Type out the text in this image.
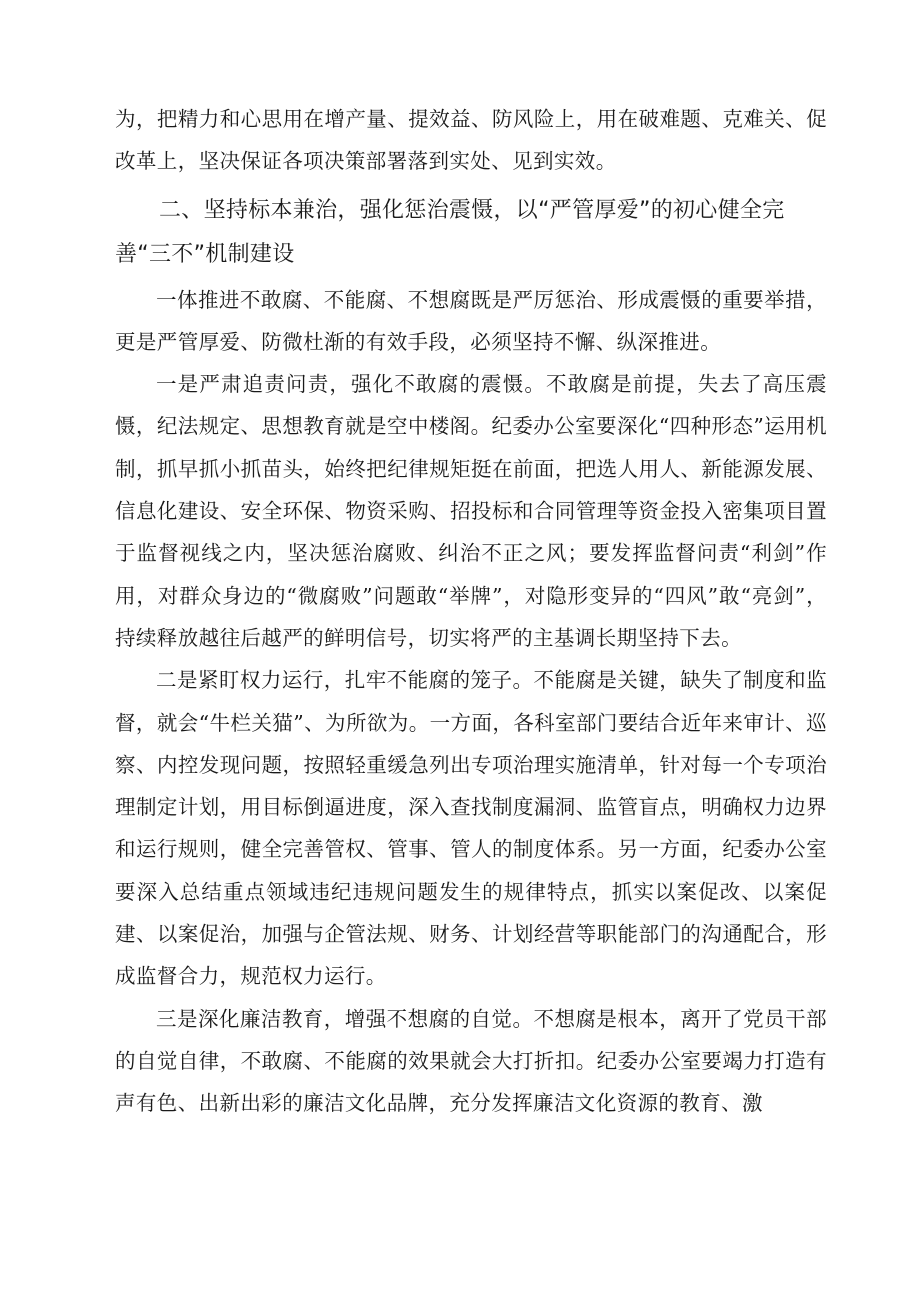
为，把精力和心思用在增产量、提效益、防风险上，用在破难题、克难关、促改革上，坚决保证各项决策部署落到实处、见到实效。

二、坚持标本兼治，强化惩治震慑，以“严管厚爱”的初心健全完善“三不”机制建设

一体推进不敢腐、不能腐、不想腐既是严厉惩治、形成震慑的重要举措，更是严管厚爱、防微杜渐的有效手段，必须坚持不懈、纵深推进。

一是严肃追责问责，强化不敢腐的震慑。不敢腐是前提，失去了高压震慑，纪法规定、思想教育就是空中楼阁。纪委办公室要深化“四种形态”运用机制，抓早抓小抓苗头，始终把纪律规矩挺在前面，把选人用人、新能源发展、信息化建设、安全环保、物资采购、招投标和合同管理等资金投入密集项目置于监督视线之内，坚决惩治腐败、纠治不正之风；要发挥监督问责“利剑”作用，对群众身边的“微腐败”问题敢“举牌”，对隐形变异的“四风”敢“亮剑”，持续释放越往后越严的鲜明信号，切实将严的主基调长期坚持下去。

二是紧盯权力运行，扎牢不能腐的笼子。不能腐是关键，缺失了制度和监督，就会“牛栏关猫”、为所欲为。一方面，各科室部门要结合近年来审计、巡察、内控发现问题，按照轻重缓急列出专项治理实施清单，针对每一个专项治理制定计划，用目标倒逼进度，深入查找制度漏洞、监管盲点，明确权力边界和运行规则，健全完善管权、管事、管人的制度体系。另一方面，纪委办公室要深入总结重点领域违纪违规问题发生的规律特点，抓实以案促改、以案促建、以案促治，加强与企管法规、财务、计划经营等职能部门的沟通配合，形成监督合力，规范权力运行。

三是深化廉洁教育，增强不想腐的自觉。不想腐是根本，离开了党员干部的自觉自律，不敢腐、不能腐的效果就会大打折扣。纪委办公室要竭力打造有声有色、出新出彩的廉洁文化品牌，充分发挥廉洁文化资源的教育、激
